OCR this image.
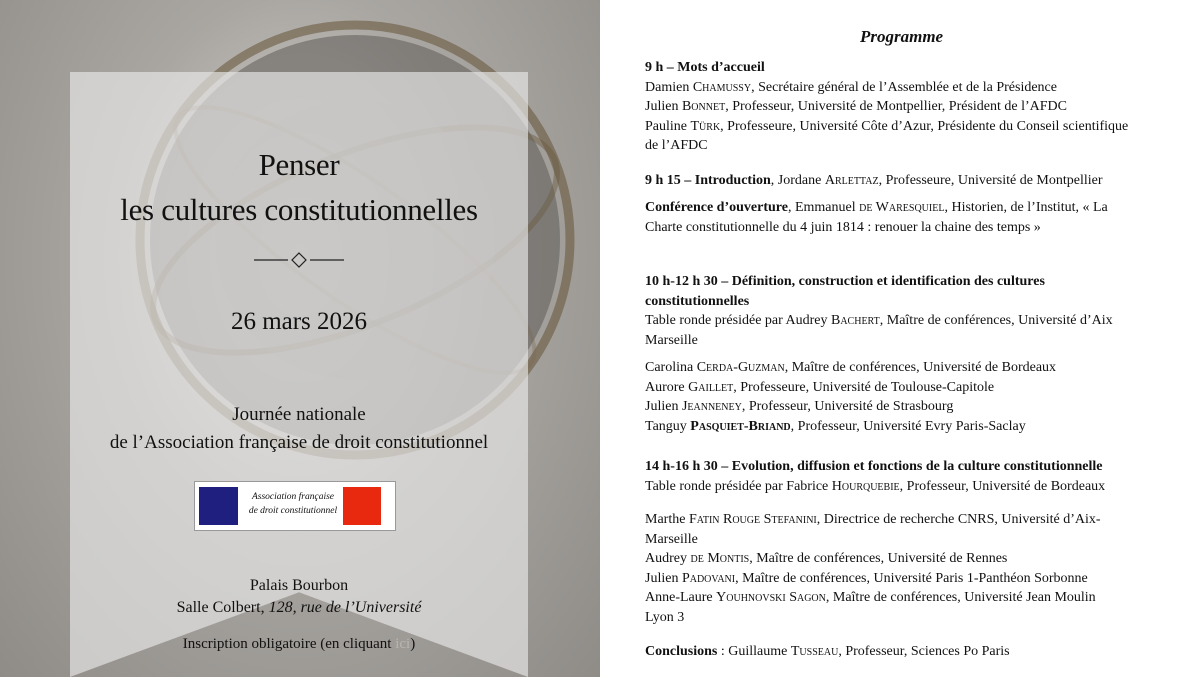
Penser
les cultures constitutionnelles
26 mars 2026
Journée nationale
de l’Association française de droit constitutionnel
Association française
de droit constitutionnel
Palais Bourbon
Salle Colbert, 128, rue de l’Université
Inscription obligatoire (en cliquant ici)
Programme
9 h – Mots d’accueil
Damien Chamussy, Secrétaire général de l’Assemblée et de la Présidence
Julien Bonnet, Professeur, Université de Montpellier, Président de l’AFDC
Pauline Türk, Professeure, Université Côte d’Azur, Présidente du Conseil scientifique
de l’AFDC
9 h 15 – Introduction, Jordane Arlettaz, Professeure, Université de Montpellier
Conférence d’ouverture, Emmanuel de Waresquiel, Historien, de l’Institut, « La
Charte constitutionnelle du 4 juin 1814 : renouer la chaine des temps »
10 h-12 h 30 – Définition, construction et identification des cultures
constitutionnelles
Table ronde présidée par Audrey Bachert, Maître de conférences, Université d’Aix
Marseille
Carolina Cerda-Guzman, Maître de conférences, Université de Bordeaux
Aurore Gaillet, Professeure, Université de Toulouse-Capitole
Julien Jeanneney, Professeur, Université de Strasbourg
Tanguy Pasquiet-Briand, Professeur, Université Evry Paris-Saclay
14 h-16 h 30 – Evolution, diffusion et fonctions de la culture constitutionnelle
Table ronde présidée par Fabrice Hourquebie, Professeur, Université de Bordeaux
Marthe Fatin Rouge Stefanini, Directrice de recherche CNRS, Université d’Aix-
Marseille
Audrey de Montis, Maître de conférences, Université de Rennes
Julien Padovani, Maître de conférences, Université Paris 1-Panthéon Sorbonne
Anne-Laure Youhnovski Sagon, Maître de conférences, Université Jean Moulin
Lyon 3
Conclusions : Guillaume Tusseau, Professeur, Sciences Po Paris
